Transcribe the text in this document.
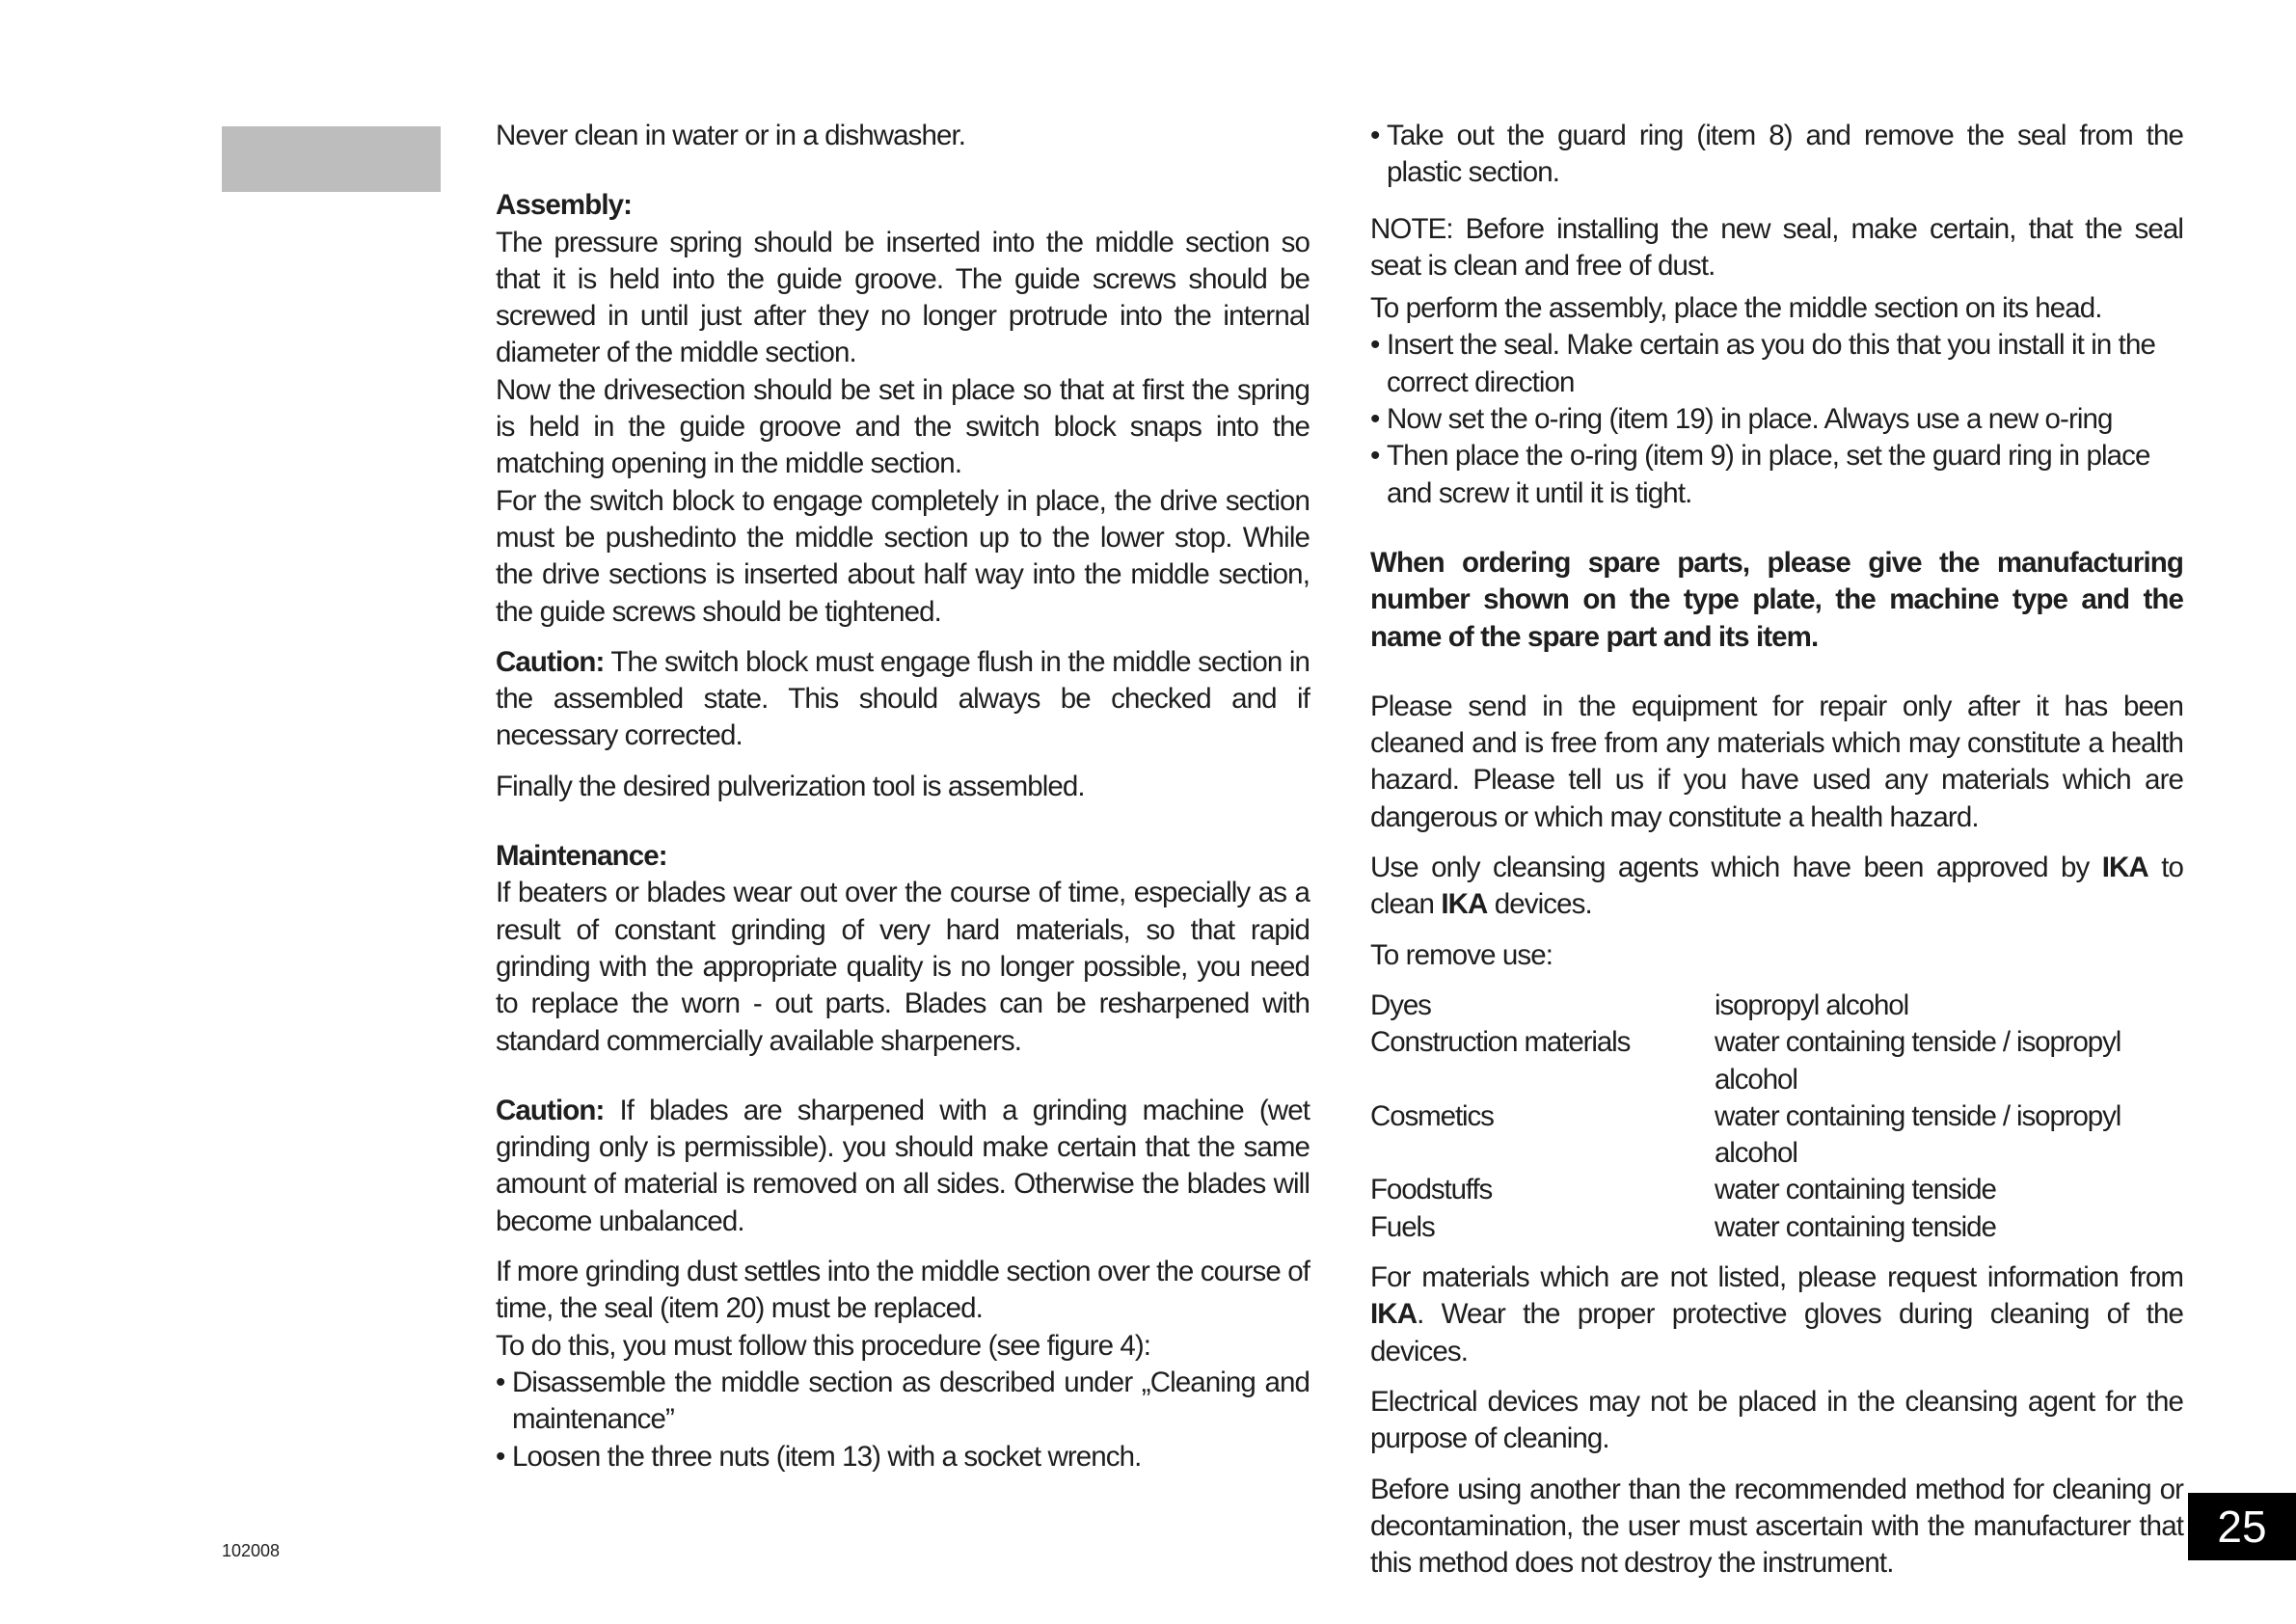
Never clean in water or in a dishwasher.

Assembly:

The pressure spring should be inserted into the middle section so that it is held into the guide groove. The guide screws should be screwed in until just after they no longer protrude into the internal diameter of the middle section.

Now the drivesection should be set in place so that at first the spring is held in the guide groove and the switch block snaps into the matching opening in the middle section.

For the switch block to engage completely in place, the drive section must be pushedinto the middle section up to the lower stop. While the drive sections is inserted about half way into the middle section, the guide screws should be tightened.

Caution: The switch block must engage flush in the middle section in the assembled state. This should always be checked and if necessary corrected.

Finally the desired pulverization tool is assembled.

Maintenance:

If beaters or blades wear out over the course of time, especially as a result of constant grinding of very hard materials, so that rapid grinding with the appropriate quality is no longer possible, you need to replace the worn - out parts. Blades can be resharpened with standard commercially available sharpeners.

Caution: If blades are sharpened with a grinding machine (wet grinding only is permissible). you should make certain that the same amount of material is removed on all sides. Otherwise the blades will become unbalanced.

If more grinding dust settles into the middle section over the course of time, the seal (item 20) must be replaced.

To do this, you must follow this procedure (see figure 4):

• Disassemble the middle section as described under „Cleaning and maintenance”

• Loosen the three nuts (item 13) with a socket wrench.

• Take out the guard ring (item 8) and remove the seal from the plastic section.

NOTE: Before installing the new seal, make certain, that the seal seat is clean and free of dust.

To perform the assembly, place the middle section on its head.

• Insert the seal. Make certain as you do this that you install it in the correct direction

• Now set the o-ring (item 19) in place. Always use a new o-ring

• Then place the o-ring (item 9) in place, set the guard ring in place and screw it until it is tight.

When ordering spare parts, please give the manufacturing number shown on the type plate, the machine type and the name of the spare part and its item.

Please send in the equipment for repair only after it has been cleaned and is free from any materials which may constitute a health hazard. Please tell us if you have used any materials which are dangerous or which may constitute a health hazard.

Use only cleansing agents which have been approved by IKA to clean IKA devices.

To remove use:

Dyes	isopropyl alcohol
Construction materials	water containing tenside / isopropyl alcohol
Cosmetics	water containing tenside / isopropyl alcohol
Foodstuffs	water containing tenside
Fuels	water containing tenside

For materials which are not listed, please request information from IKA. Wear the proper protective gloves during cleaning of the devices.

Electrical devices may not be placed in the cleansing agent for the purpose of cleaning.

Before using another than the recommended method for cleaning or decontamination, the user must ascertain with the manufacturer that this method does not destroy the instrument.

102008	25
